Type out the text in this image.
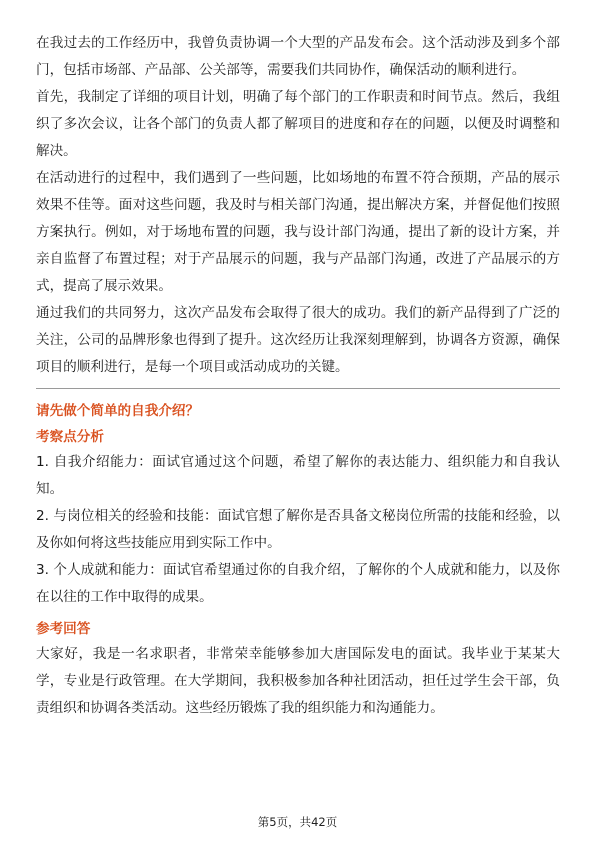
在我过去的工作经历中，我曾负责协调一个大型的产品发布会。这个活动涉及到多个部门，包括市场部、产品部、公关部等，需要我们共同协作，确保活动的顺利进行。

首先，我制定了详细的项目计划，明确了每个部门的工作职责和时间节点。然后，我组织了多次会议，让各个部门的负责人都了解项目的进度和存在的问题，以便及时调整和解决。

在活动进行的过程中，我们遇到了一些问题，比如场地的布置不符合预期，产品的展示效果不佳等。面对这些问题，我及时与相关部门沟通，提出解决方案，并督促他们按照方案执行。例如，对于场地布置的问题，我与设计部门沟通，提出了新的设计方案，并亲自监督了布置过程；对于产品展示的问题，我与产品部门沟通，改进了产品展示的方式，提高了展示效果。

通过我们的共同努力，这次产品发布会取得了很大的成功。我们的新产品得到了广泛的关注，公司的品牌形象也得到了提升。这次经历让我深刻理解到，协调各方资源，确保项目的顺利进行，是每一个项目或活动成功的关键。

请先做个简单的自我介绍？

考察点分析

1. 自我介绍能力：面试官通过这个问题，希望了解你的表达能力、组织能力和自我认知。

2. 与岗位相关的经验和技能：面试官想了解你是否具备文秘岗位所需的技能和经验，以及你如何将这些技能应用到实际工作中。

3. 个人成就和能力：面试官希望通过你的自我介绍，了解你的个人成就和能力，以及你在以往的工作中取得的成果。

参考回答

大家好，我是一名求职者，非常荣幸能够参加大唐国际发电的面试。我毕业于某某大学，专业是行政管理。在大学期间，我积极参加各种社团活动，担任过学生会干部，负责组织和协调各类活动。这些经历锻炼了我的组织能力和沟通能力。

第5页，共42页
